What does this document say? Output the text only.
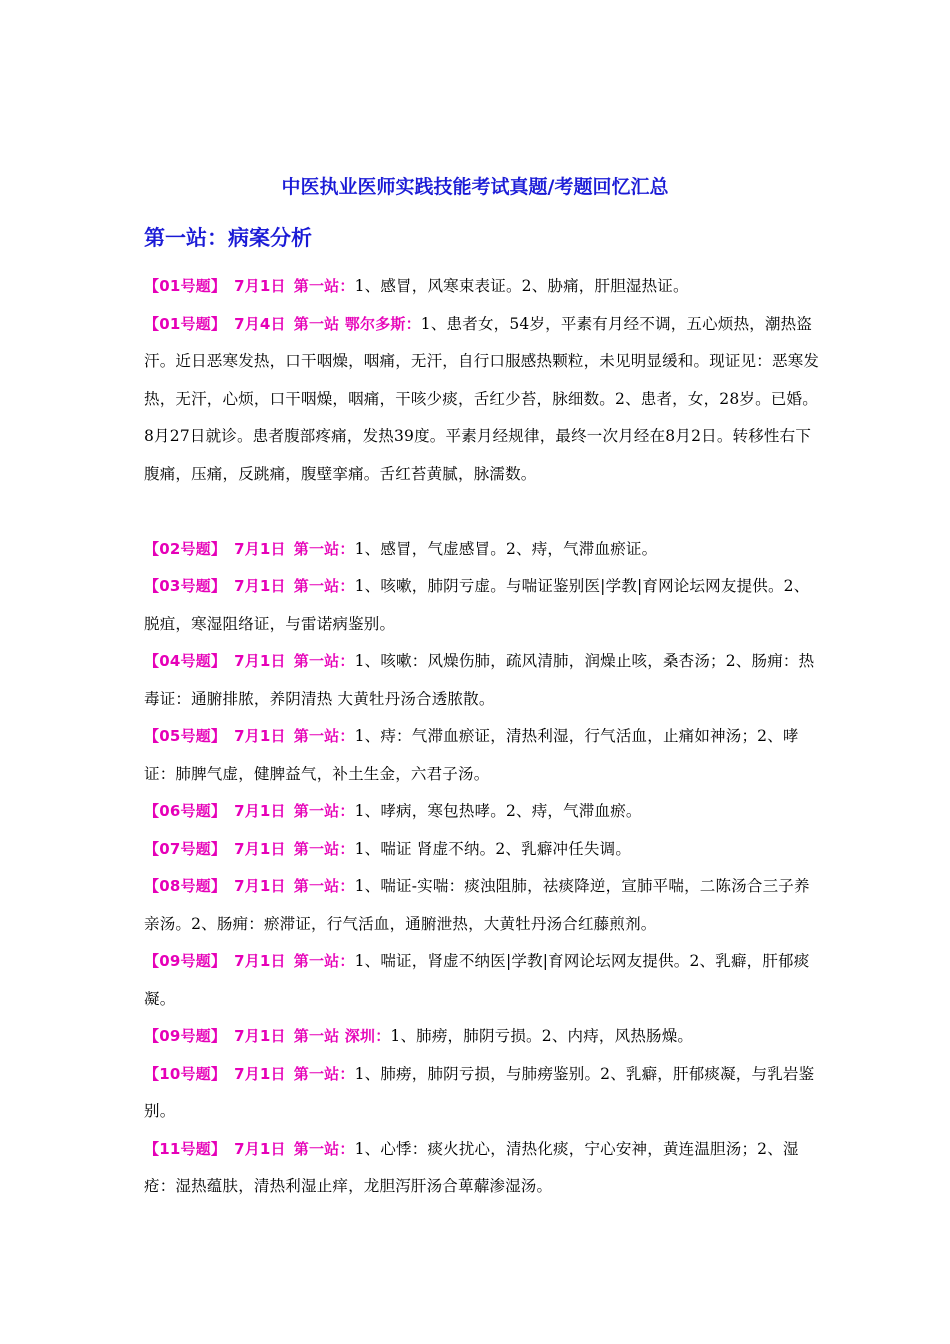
中医执业医师实践技能考试真题/考题回忆汇总
第一站：病案分析

【01号题】 7月1日 第一站：1、感冒，风寒束表证。2、胁痛，肝胆湿热证。

【01号题】 7月4日 第一站 鄂尔多斯：1、患者女，54岁，平素有月经不调，五心烦热，潮热盗汗。近日恶寒发热，口干咽燥，咽痛，无汗，自行口服感热颗粒，未见明显缓和。现证见：恶寒发热，无汗，心烦，口干咽燥，咽痛，干咳少痰，舌红少苔，脉细数。2、患者，女，28岁。已婚。8月27日就诊。患者腹部疼痛，发热39度。平素月经规律，最终一次月经在8月2日。转移性右下腹痛，压痛，反跳痛，腹壁挛痛。舌红苔黄腻，脉濡数。

【02号题】 7月1日 第一站：1、感冒，气虚感冒。2、痔，气滞血瘀证。

【03号题】 7月1日 第一站：1、咳嗽，肺阴亏虚。与喘证鉴别医|学教|育网论坛网友提供。2、脱疽，寒湿阻络证，与雷诺病鉴别。

【04号题】 7月1日 第一站：1、咳嗽：风燥伤肺，疏风清肺，润燥止咳，桑杏汤；2、肠痈：热毒证：通腑排脓，养阴清热 大黄牡丹汤合透脓散。

【05号题】 7月1日 第一站：1、痔：气滞血瘀证，清热利湿，行气活血，止痛如神汤；2、哮证：肺脾气虚，健脾益气，补土生金，六君子汤。

【06号题】 7月1日 第一站：1、哮病，寒包热哮。2、痔，气滞血瘀。

【07号题】 7月1日 第一站：1、喘证 肾虚不纳。2、乳癖冲任失调。

【08号题】 7月1日 第一站：1、喘证-实喘：痰浊阻肺，祛痰降逆，宣肺平喘，二陈汤合三子养亲汤。2、肠痈：瘀滞证，行气活血，通腑泄热，大黄牡丹汤合红藤煎剂。

【09号题】 7月1日 第一站：1、喘证，肾虚不纳医|学教|育网论坛网友提供。2、乳癖，肝郁痰凝。

【09号题】 7月1日 第一站 深圳：1、肺痨，肺阴亏损。2、内痔，风热肠燥。

【10号题】 7月1日 第一站：1、肺痨，肺阴亏损，与肺痨鉴别。2、乳癖，肝郁痰凝，与乳岩鉴别。

【11号题】 7月1日 第一站：1、心悸：痰火扰心，清热化痰，宁心安神，黄连温胆汤；2、湿疮：湿热蕴肤，清热利湿止痒，龙胆泻肝汤合萆薢渗湿汤。
